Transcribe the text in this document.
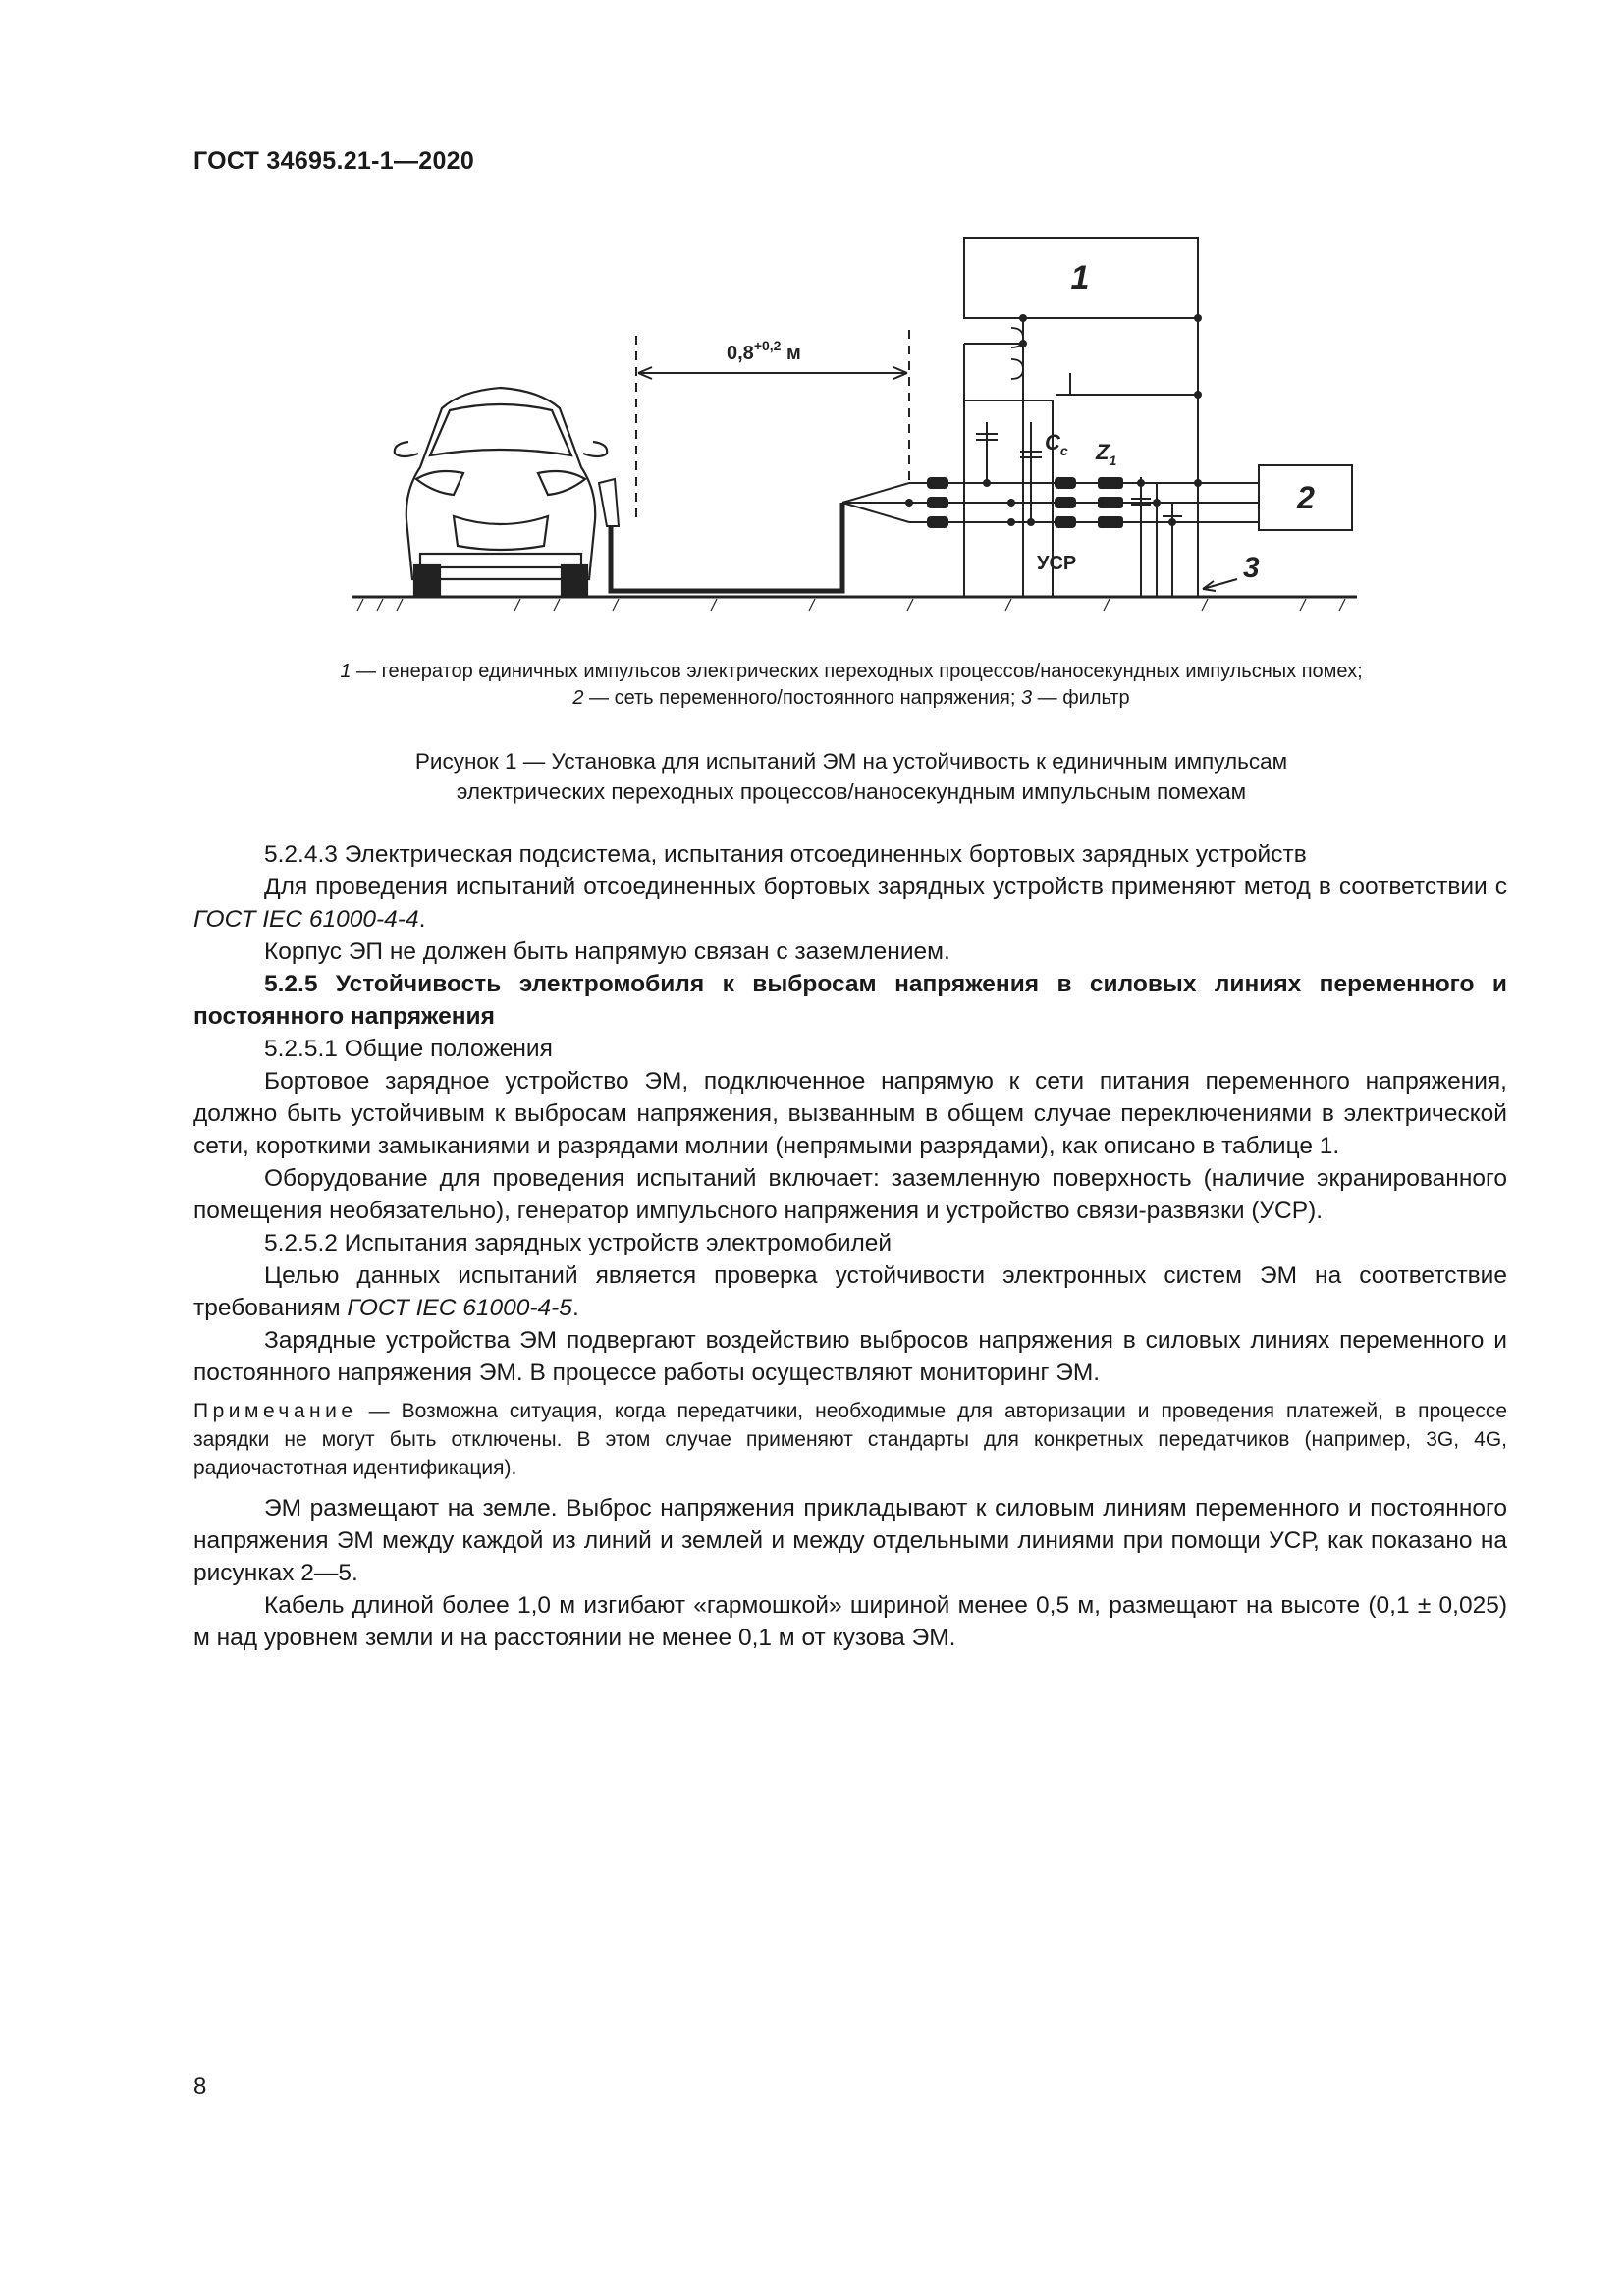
ГОСТ 34695.21-1—2020
1
2
3
$0,8^{+0,2}$ м
$C_c$ $Z_1$
УСР
1 — генератор единичных импульсов электрических переходных процессов/наносекундных импульсных помех;
2 — сеть переменного/постоянного напряжения; 3 — фильтр
Рисунок 1 — Установка для испытаний ЭМ на устойчивость к единичным импульсам
электрических переходных процессов/наносекундным импульсным помехам

5.2.4.3 Электрическая подсистема, испытания отсоединенных бортовых зарядных устройств

Для проведения испытаний отсоединенных бортовых зарядных устройств применяют метод в соответствии с ГОСТ IEC 61000-4-4.

Корпус ЭП не должен быть напрямую связан с заземлением.

5.2.5 Устойчивость электромобиля к выбросам напряжения в силовых линиях переменного и постоянного напряжения

5.2.5.1 Общие положения

Бортовое зарядное устройство ЭМ, подключенное напрямую к сети питания переменного напряжения, должно быть устойчивым к выбросам напряжения, вызванным в общем случае переключениями в электрической сети, короткими замыканиями и разрядами молнии (непрямыми разрядами), как описано в таблице 1.

Оборудование для проведения испытаний включает: заземленную поверхность (наличие экранированного помещения необязательно), генератор импульсного напряжения и устройство связи-развязки (УСР).

5.2.5.2 Испытания зарядных устройств электромобилей

Целью данных испытаний является проверка устойчивости электронных систем ЭМ на соответствие требованиям ГОСТ IEC 61000-4-5.

Зарядные устройства ЭМ подвергают воздействию выбросов напряжения в силовых линиях переменного и постоянного напряжения ЭМ. В процессе работы осуществляют мониторинг ЭМ.

Примечание — Возможна ситуация, когда передатчики, необходимые для авторизации и проведения платежей, в процессе зарядки не могут быть отключены. В этом случае применяют стандарты для конкретных передатчиков (например, 3G, 4G, радиочастотная идентификация).

ЭМ размещают на земле. Выброс напряжения прикладывают к силовым линиям переменного и постоянного напряжения ЭМ между каждой из линий и землей и между отдельными линиями при помощи УСР, как показано на рисунках 2—5.

Кабель длиной более 1,0 м изгибают «гармошкой» шириной менее 0,5 м, размещают на высоте (0,1 ± 0,025) м над уровнем земли и на расстоянии не менее 0,1 м от кузова ЭМ.

8
